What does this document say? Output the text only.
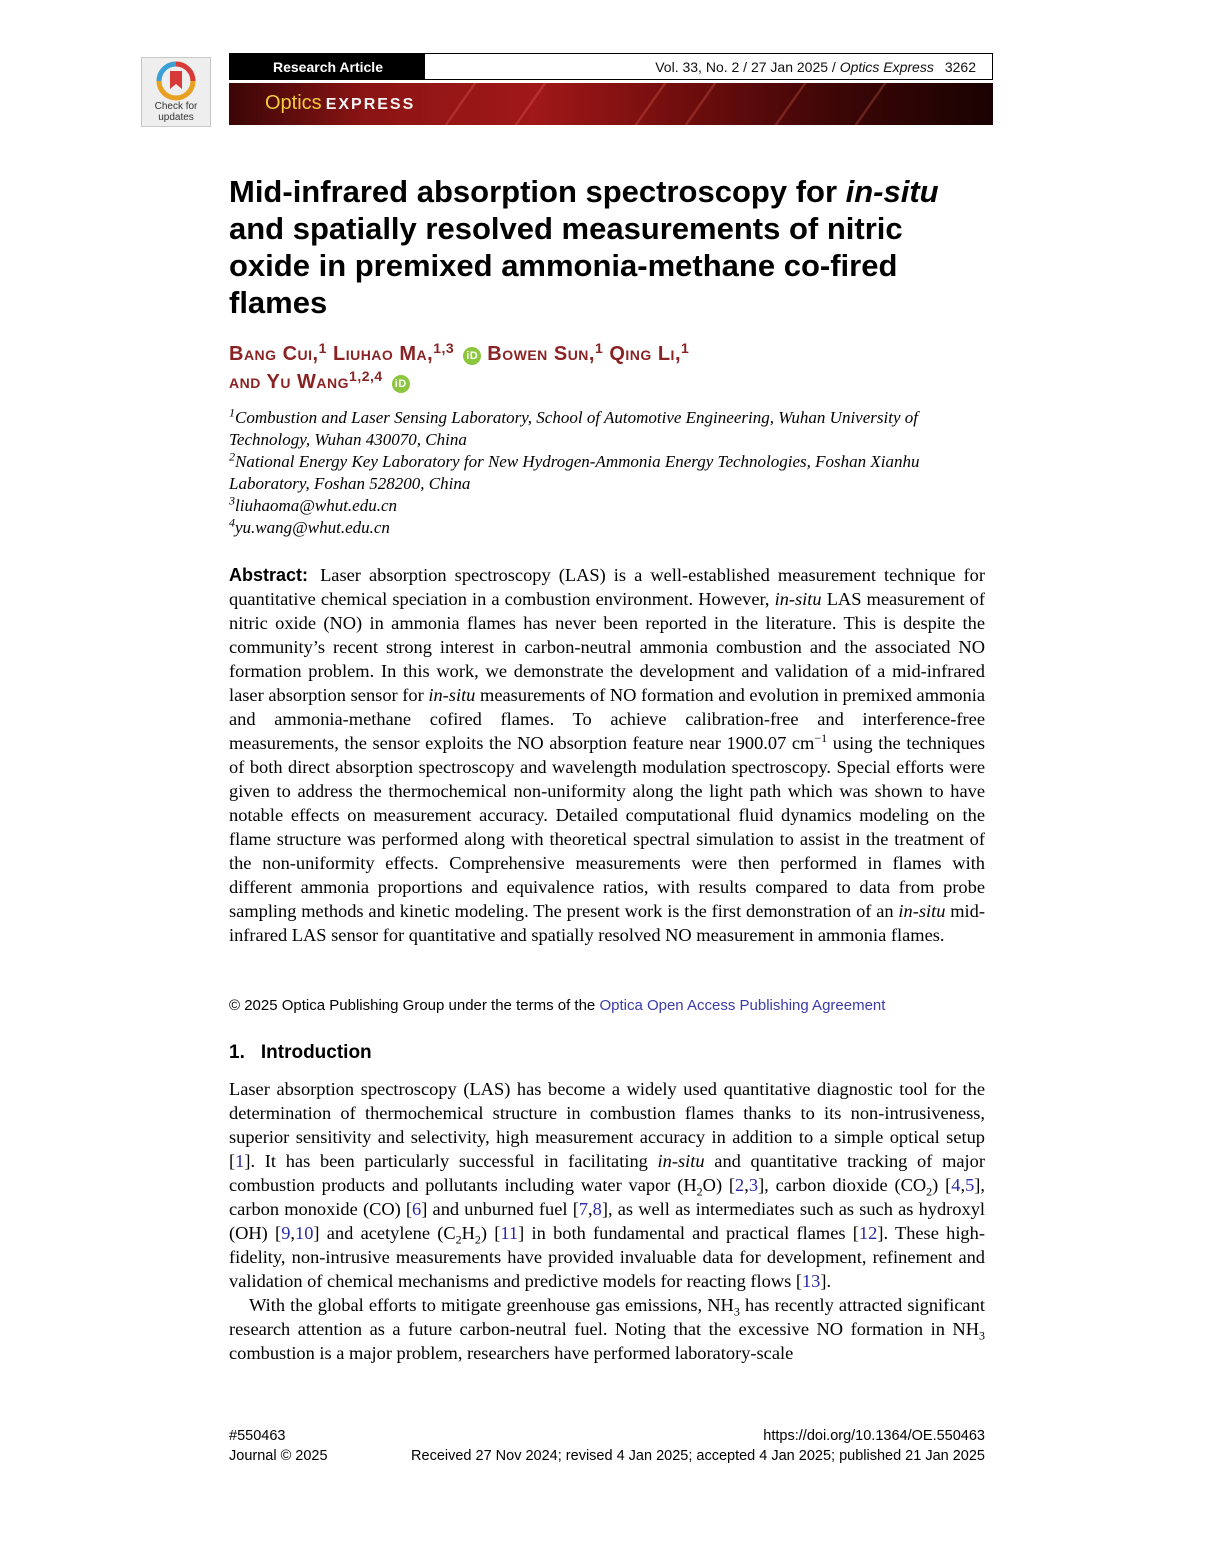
Check for
updates
Research Article	Vol. 33, No. 2 / 27 Jan 2025 / Optics Express 3262
Optics EXPRESS
Mid-infrared absorption spectroscopy for in-situ
and spatially resolved measurements of nitric
oxide in premixed ammonia-methane co-fired
flames
Bang Cui,$^1$ Liuhao Ma,$^{1,3}$ iD Bowen Sun,$^1$ Qing Li,$^1$
and Yu Wang$^{1,2,4}$ iD

$^1$Combustion and Laser Sensing Laboratory, School of Automotive Engineering, Wuhan University of Technology, Wuhan 430070, China

$^2$National Energy Key Laboratory for New Hydrogen-Ammonia Energy Technologies, Foshan Xianhu Laboratory, Foshan 528200, China

$^3$liuhaoma@whut.edu.cn

$^4$yu.wang@whut.edu.cn

Abstract: Laser absorption spectroscopy (LAS) is a well-established measurement technique for quantitative chemical speciation in a combustion environment. However, in-situ LAS measurement of nitric oxide (NO) in ammonia flames has never been reported in the literature. This is despite the community’s recent strong interest in carbon-neutral ammonia combustion and the associated NO formation problem. In this work, we demonstrate the development and validation of a mid-infrared laser absorption sensor for in-situ measurements of NO formation and evolution in premixed ammonia and ammonia-methane cofired flames. To achieve calibration-free and interference-free measurements, the sensor exploits the NO absorption feature near 1900.07 $cm^{-1}$ using the techniques of both direct absorption spectroscopy and wavelength modulation spectroscopy. Special efforts were given to address the thermochemical non-uniformity along the light path which was shown to have notable effects on measurement accuracy. Detailed computational fluid dynamics modeling on the flame structure was performed along with theoretical spectral simulation to assist in the treatment of the non-uniformity effects. Comprehensive measurements were then performed in flames with different ammonia proportions and equivalence ratios, with results compared to data from probe sampling methods and kinetic modeling. The present work is the first demonstration of an in-situ mid-infrared LAS sensor for quantitative and spatially resolved NO measurement in ammonia flames.

© 2025 Optica Publishing Group under the terms of the Optica Open Access Publishing Agreement
1. Introduction

Laser absorption spectroscopy (LAS) has become a widely used quantitative diagnostic tool for the determination of thermochemical structure in combustion flames thanks to its non-intrusiveness, superior sensitivity and selectivity, high measurement accuracy in addition to a simple optical setup [1]. It has been particularly successful in facilitating in-situ and quantitative tracking of major combustion products and pollutants including water vapor $(H_2O)$ [2,3], carbon dioxide $(CO_2)$ [4,5], carbon monoxide (CO) [6] and unburned fuel [7,8], as well as intermediates such as such as hydroxyl (OH) [9,10] and acetylene $(C_2H_2)$ [11] in both fundamental and practical flames [12]. These high-fidelity, non-intrusive measurements have provided invaluable data for development, refinement and validation of chemical mechanisms and predictive models for reacting flows [13].

With the global efforts to mitigate greenhouse gas emissions, $NH_3$ has recently attracted significant research attention as a future carbon-neutral fuel. Noting that the excessive NO formation in $NH_3$ combustion is a major problem, researchers have performed laboratory-scale

#550463	https://doi.org/10.1364/OE.550463
Journal © 2025	Received 27 Nov 2024; revised 4 Jan 2025; accepted 4 Jan 2025; published 21 Jan 2025
